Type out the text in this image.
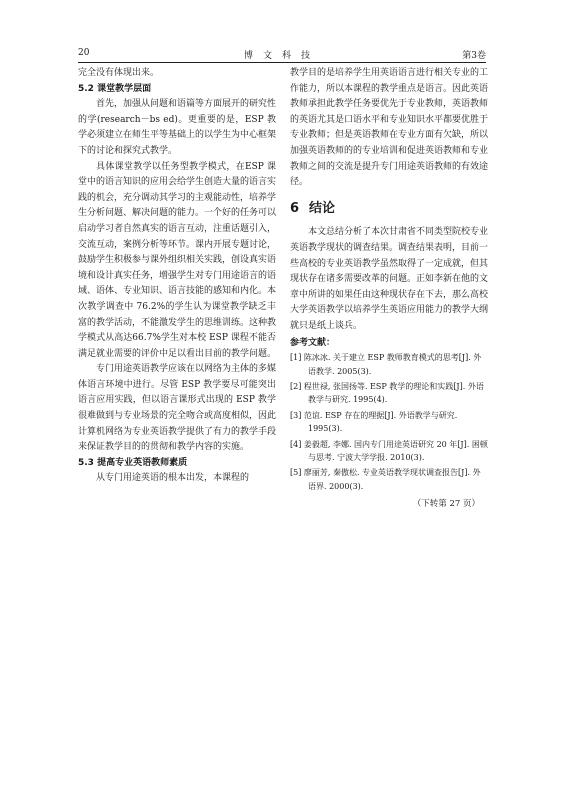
20	博文科技	第3卷

完全没有体现出来。

5.2 课堂教学层面

首先，加强从问题和语篇等方面展开的研究性的学(research－bs ed)。更重要的是，ESP 教学必须建立在师生平等基础上的以学生为中心框架下的讨论和探究式教学。

具体课堂教学以任务型教学模式，在ESP 课堂中的语言知识的应用会给学生创造大量的语言实践的机会，充分调动其学习的主观能动性，培养学生分析问题、解决问题的能力。一个好的任务可以启动学习者自然真实的语言互动，注重话题引入，交流互动，案例分析等环节。课内开展专题讨论，鼓励学生积极参与课外组织相关实践，创设真实语境和设计真实任务，增强学生对专门用途语言的语域、语体、专业知识、语言技能的感知和内化。本次教学调查中 76.2%的学生认为课堂教学缺乏丰富的教学活动，不能激发学生的思维训练。这种教学模式从高达66.7%学生对本校 ESP 课程不能否满足就业需要的评价中足以看出目前的教学问题。

专门用途英语教学应该在以网络为主体的多媒体语言环境中进行。尽管 ESP 教学要尽可能突出语言应用实践，但以语言课形式出现的 ESP 教学很难做到与专业场景的完全吻合或高度相似，因此计算机网络为专业英语教学提供了有力的教学手段来保证教学目的的贯彻和教学内容的实施。

5.3 提高专业英语教师素质

从专门用途英语的根本出发，本课程的

教学目的是培养学生用英语语言进行相关专业的工作能力，所以本课程的教学重点是语言。因此英语教师承担此教学任务要优先于专业教师，英语教师的英语尤其是口语水平和专业知识水平都要优胜于专业教师；但是英语教师在专业方面有欠缺，所以加强英语教师的的专业培训和促进英语教师和专业教师之间的交流是提升专门用途英语教师的有效途径。

6 结论

本文总结分析了本次甘肃省不同类型院校专业英语教学现状的调查结果。调查结果表明，目前一些高校的专业英语教学虽然取得了一定成就，但其现状存在诸多需要改革的问题。正如李新在他的文章中所讲的如果任由这种现状存在下去，那么高校大学英语教学以培养学生英语应用能力的教学大纲就只是纸上谈兵。

参考文献：
[1] 陈冰冰. 关于建立 ESP 教师教育模式的思考[J]. 外语教学. 2005(3).
[2] 程世禄, 张国扬等. ESP 教学的理论和实践[J]. 外语教学与研究. 1995(4).
[3] 范谊. ESP 存在的理据[J]. 外语教学与研究. 1995(3).
[4] 姜毅超, 李娜. 国内专门用途英语研究 20 年[J]. 困顿与思考. 宁波大学学报. 2010(3).
[5] 廖丽芳, 秦傲松. 专业英语教学现状调查报告[J]. 外语界. 2000(3).
（下转第 27 页）
